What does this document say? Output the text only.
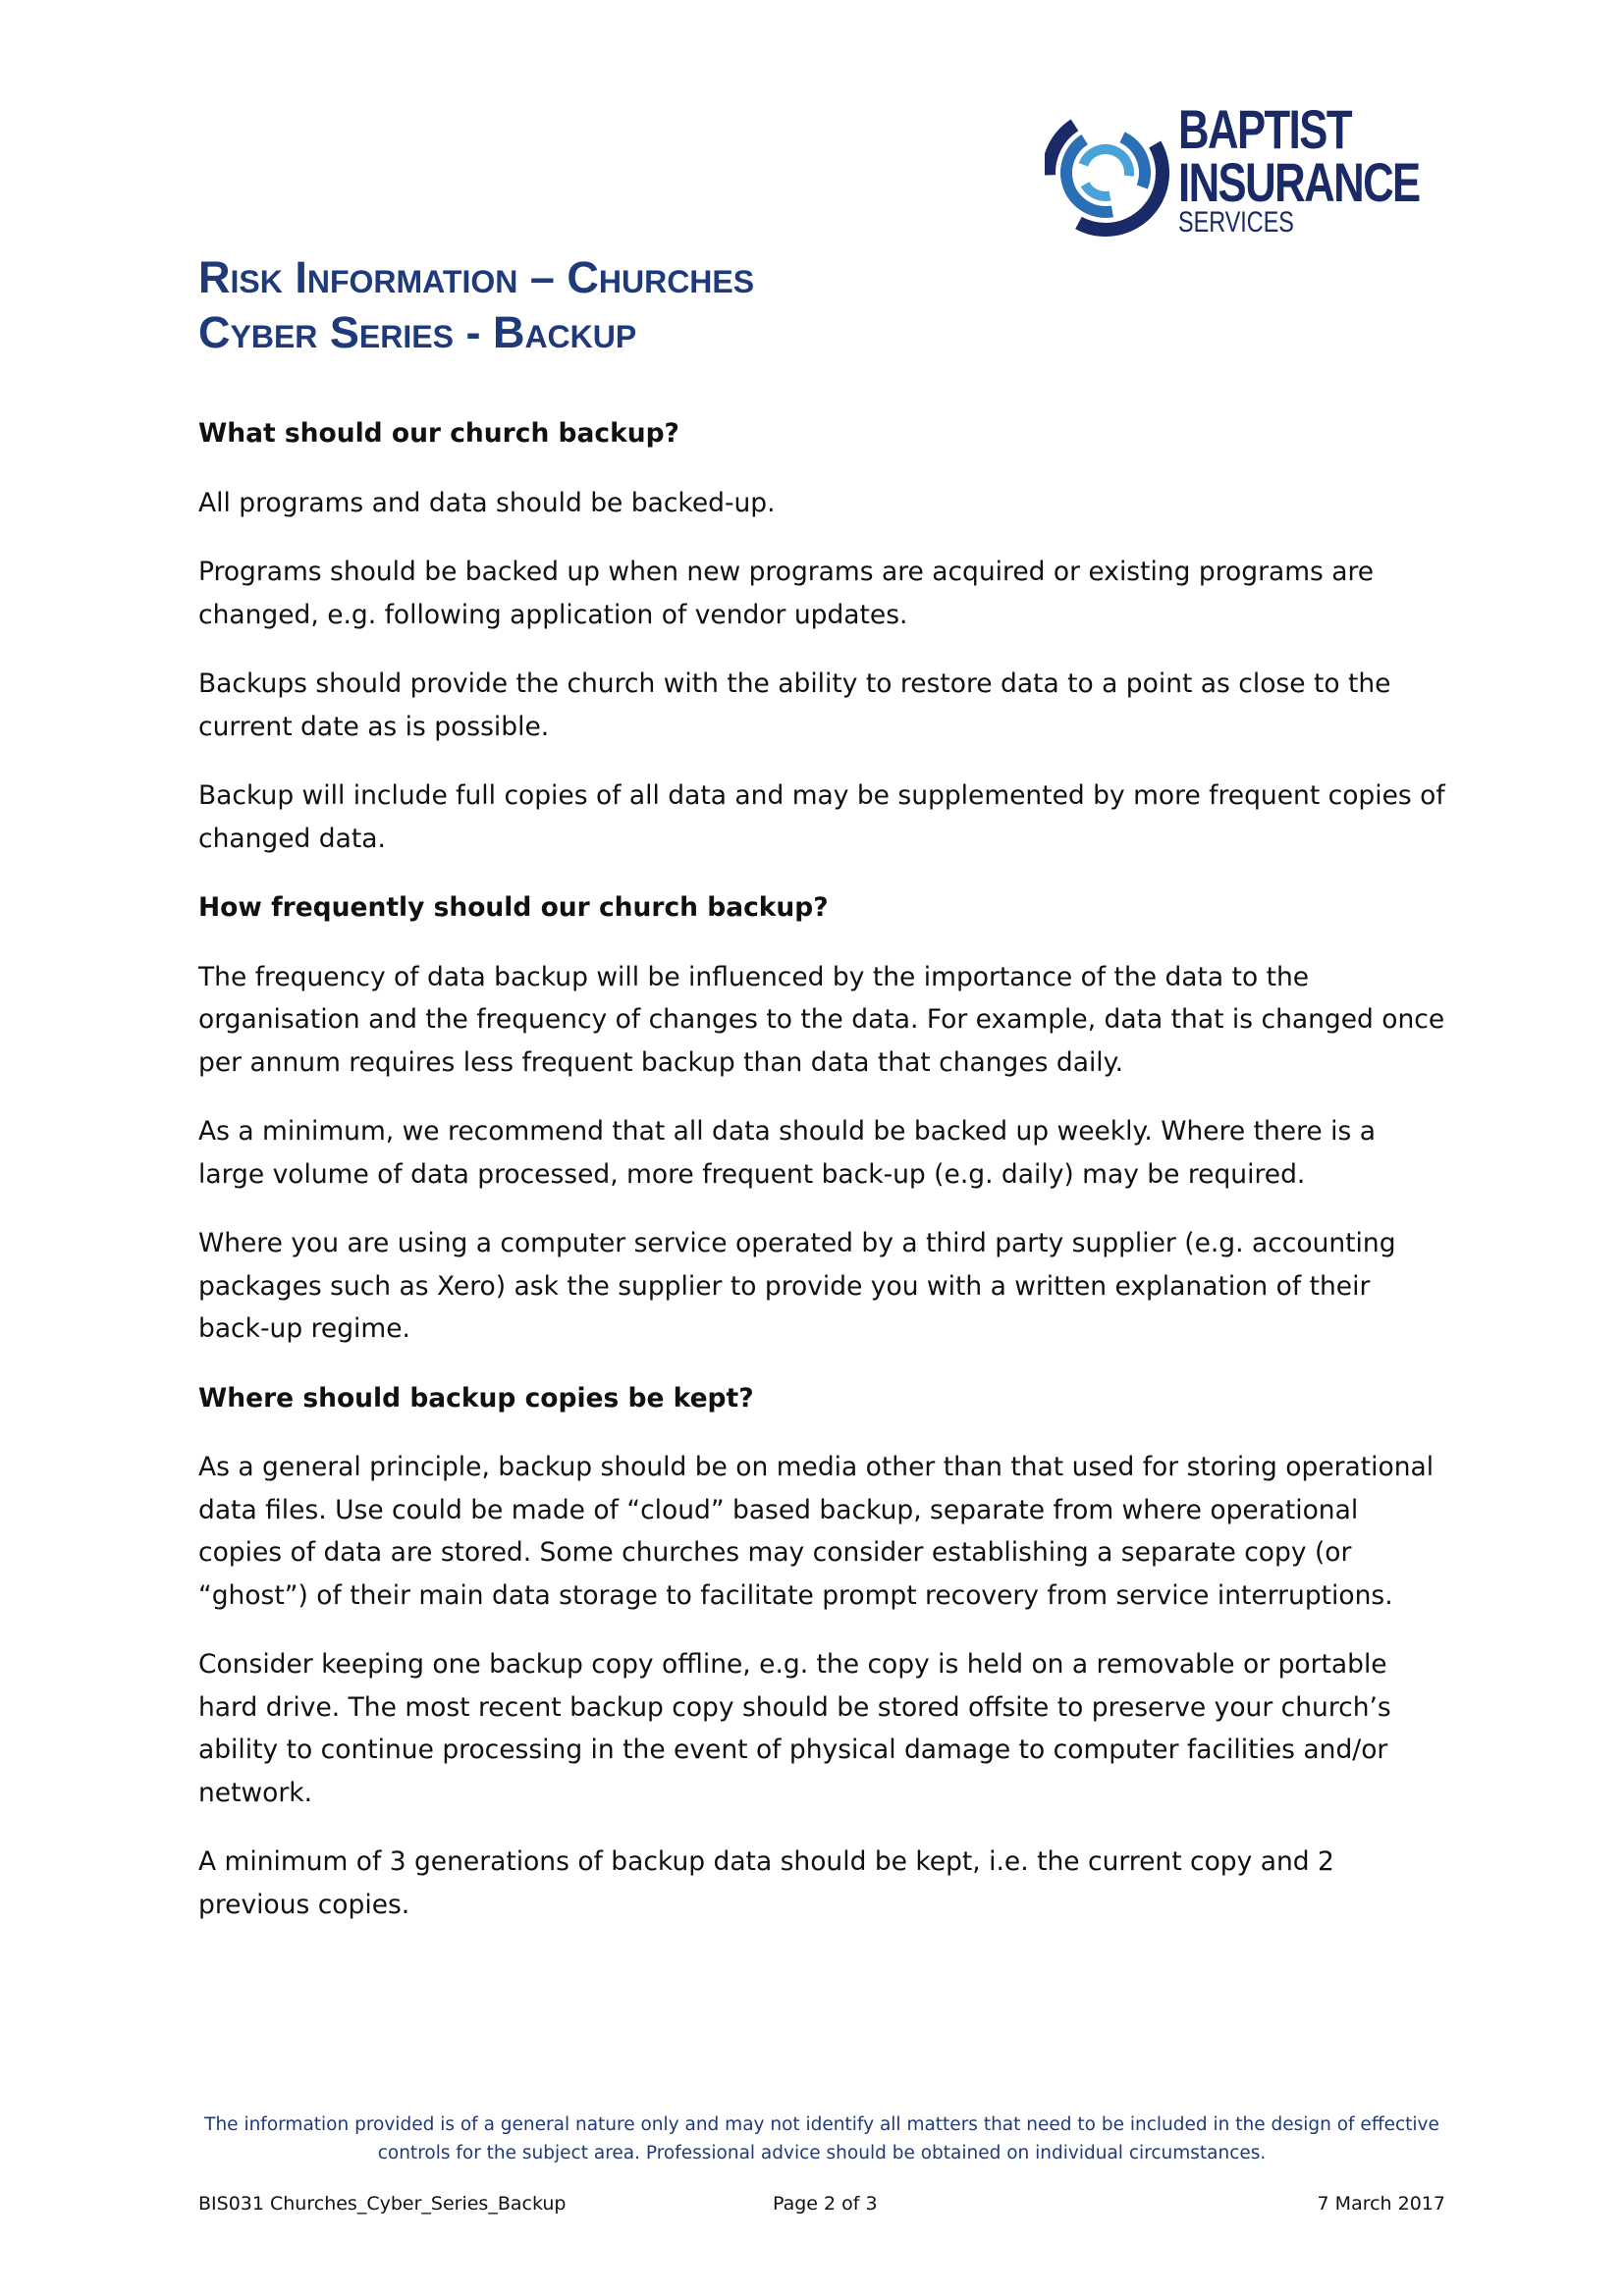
BAPTIST
INSURANCE
SERVICES
Risk Information – Churches
Cyber Series - Backup
What should our church backup?

All programs and data should be backed-up.

Programs should be backed up when new programs are acquired or existing programs are changed, e.g. following application of vendor updates.

Backups should provide the church with the ability to restore data to a point as close to the current date as is possible.

Backup will include full copies of all data and may be supplemented by more frequent copies of changed data.

How frequently should our church backup?

The frequency of data backup will be influenced by the importance of the data to the organisation and the frequency of changes to the data. For example, data that is changed once per annum requires less frequent backup than data that changes daily.

As a minimum, we recommend that all data should be backed up weekly. Where there is a large volume of data processed, more frequent back-up (e.g. daily) may be required.

Where you are using a computer service operated by a third party supplier (e.g. accounting packages such as Xero) ask the supplier to provide you with a written explanation of their back-up regime.

Where should backup copies be kept?

As a general principle, backup should be on media other than that used for storing operational data files. Use could be made of “cloud” based backup, separate from where operational copies of data are stored. Some churches may consider establishing a separate copy (or “ghost”) of their main data storage to facilitate prompt recovery from service interruptions.

Consider keeping one backup copy offline, e.g. the copy is held on a removable or portable hard drive. The most recent backup copy should be stored offsite to preserve your church’s ability to continue processing in the event of physical damage to computer facilities and/or network.

A minimum of 3 generations of backup data should be kept, i.e. the current copy and 2 previous copies.

The information provided is of a general nature only and may not identify all matters that need to be included in the design of effective
controls for the subject area. Professional advice should be obtained on individual circumstances.
BIS031 Churches_Cyber_Series_Backup	Page 2 of 3	7 March 2017
